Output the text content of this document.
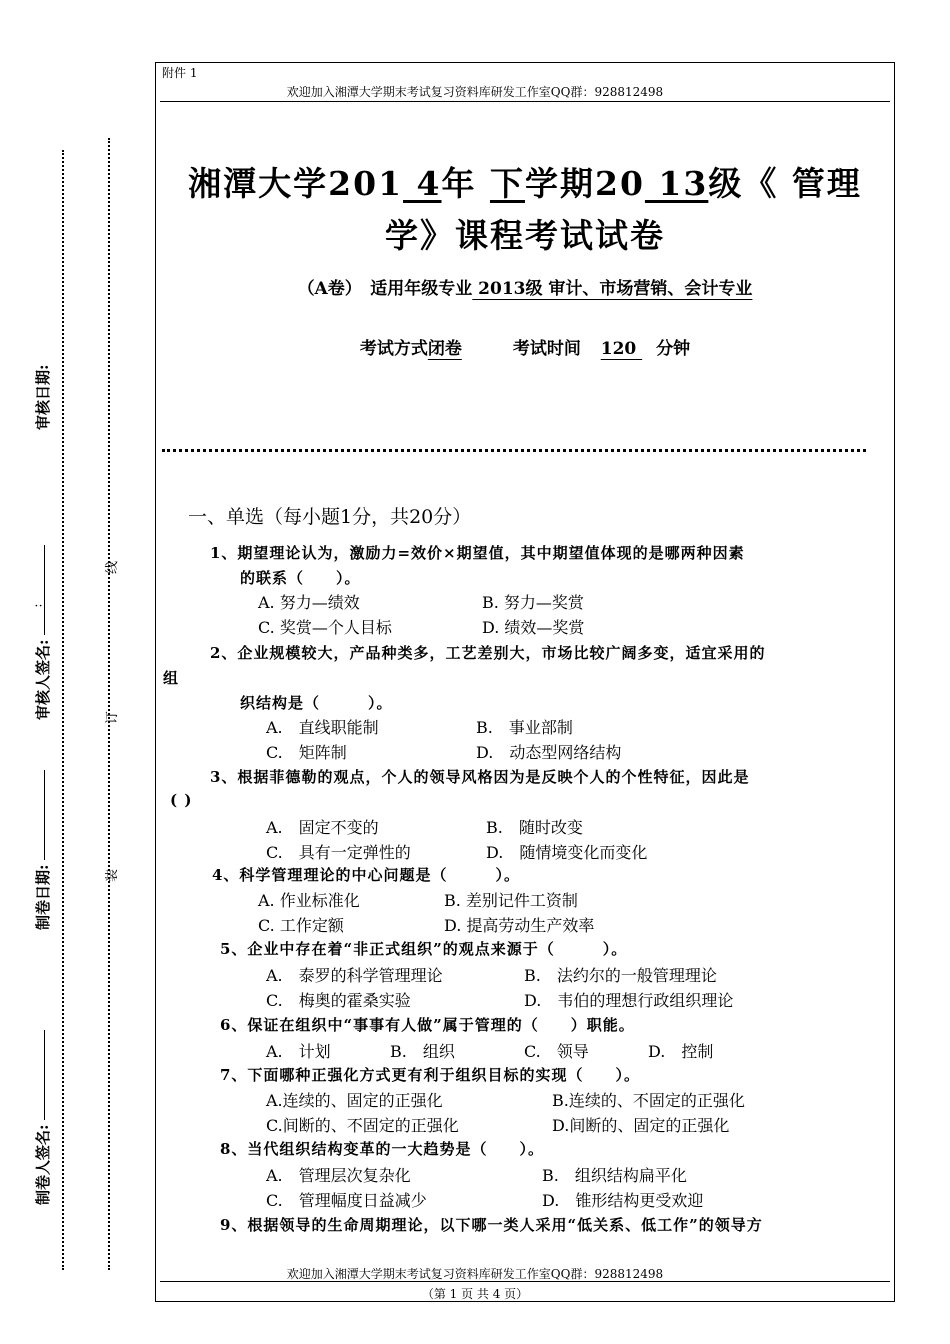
附件 1
欢迎加入湘潭大学期末考试复习资料库研发工作室QQ群：928812498
湘潭大学201 4年 下学期20 13级《 管理
学》课程考试试卷
（A卷）　 适用年级专业 2013级 审计、市场营销、会计专业
考试方式闭卷　　　	考试时间 120 分钟
一、单选（每小题1分，共20分）
1、期望理论认为，激励力=效价×期望值，其中期望值体现的是哪两种因素
的联系（　　）。
A. 努力—绩效	B. 努力—奖赏
C. 奖赏—个人目标	D. 绩效—奖赏
2、企业规模较大，产品种类多，工艺差别大，市场比较广阔多变，适宜采用的
组
织结构是（　　　）。
A.　直线职能制	B.　事业部制
C.　矩阵制	D.　动态型网络结构
3、根据菲德勒的观点，个人的领导风格因为是反映个人的个性特征，因此是
( )
A.　固定不变的	B.　随时改变
C.　具有一定弹性的	D.　随情境变化而变化
4、科学管理理论的中心问题是（　　　）。
A. 作业标准化	B. 差别记件工资制
C. 工作定额	D. 提高劳动生产效率
5、企业中存在着“非正式组织”的观点来源于（　　　）。
A.　泰罗的科学管理理论	B.　法约尔的一般管理理论
C.　梅奥的霍桑实验	D.　韦伯的理想行政组织理论
6、保证在组织中“事事有人做”属于管理的（　　）职能。
A.　计划	B.　组织	C.　领导	D.　控制
7、下面哪种正强化方式更有利于组织目标的实现（　　）。
A.连续的、固定的正强化	B.连续的、不固定的正强化
C.间断的、不固定的正强化	D.间断的、固定的正强化
8、当代组织结构变革的一大趋势是（　　）。
A.　管理层次复杂化	B.　组织结构扁平化
C.　管理幅度日益减少	D.　锥形结构更受欢迎
9、根据领导的生命周期理论，以下哪一类人采用“低关系、低工作”的领导方
欢迎加入湘潭大学期末考试复习资料库研发工作室QQ群：928812498
（第 1 页 共 4 页）
审核日期:
审核人签名:
制卷日期:
制卷人签名:
:
线
订
装
